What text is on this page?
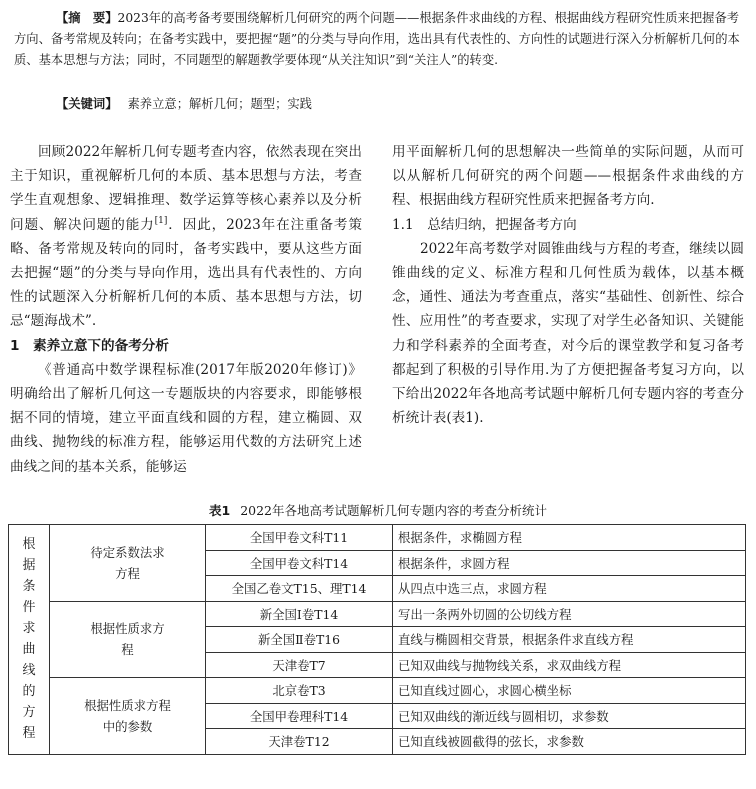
【摘　要】2023年的高考备考要围绕解析几何研究的两个问题——根据条件求曲线的方程、根据曲线方程研究性质来把握备考方向、备考常规及转向；在备考实践中，要把握“题”的分类与导向作用，选出具有代表性的、方向性的试题进行深入分析解析几何的本质、基本思想与方法；同时，不同题型的解题教学要体现“从关注知识”到“关注人”的转变.
【关键词】 素养立意；解析几何；题型；实践

回顾2022年解析几何专题考查内容，依然表现在突出主于知识，重视解析几何的本质、基本思想与方法，考查学生直观想象、逻辑推理、数学运算等核心素养以及分析问题、解决问题的能力[1]．因此，2023年在注重备考策略、备考常规及转向的同时，备考实践中，要从这些方面去把握“题”的分类与导向作用，选出具有代表性的、方向性的试题深入分析解析几何的本质、基本思想与方法，切忌“题海战术”.

1　素养立意下的备考分析

《普通高中数学课程标准(2017年版2020年修订)》明确给出了解析几何这一专题版块的内容要求，即能够根据不同的情境，建立平面直线和圆的方程，建立椭圆、双曲线、抛物线的标准方程，能够运用代数的方法研究上述曲线之间的基本关系，能够运

用平面解析几何的思想解决一些简单的实际问题，从而可以从解析几何研究的两个问题——根据条件求曲线的方程、根据曲线方程研究性质来把握备考方向.

1.1　总结归纳，把握备考方向

2022年高考数学对圆锥曲线与方程的考查，继续以圆锥曲线的定义、标准方程和几何性质为载体，以基本概念，通性、通法为考查重点，落实“基础性、创新性、综合性、应用性”的考查要求，实现了对学生必备知识、关键能力和学科素养的全面考查，对今后的课堂教学和复习备考都起到了积极的引导作用.为了方便把握备考复习方向，以下给出2022年各地高考试题中解析几何专题内容的考查分析统计表(表1).

表1 2022年各地高考试题解析几何专题内容的考查分析统计
根据条件求曲线的方程	待定系数法求方程	全国甲卷文科T11	根据条件，求椭圆方程
		全国甲卷文科T14	根据条件，求圆方程
		全国乙卷文T15、理T14	从四点中选三点，求圆方程

	根据性质求方程	新全国Ⅰ卷T14	写出一条两外切圆的公切线方程
		新全国Ⅱ卷T16	直线与椭圆相交背景，根据条件求直线方程
		天津卷T7	已知双曲线与抛物线关系，求双曲线方程

	根据性质求方程中的参数	北京卷T3	已知直线过圆心，求圆心横坐标
		全国甲卷理科T14	已知双曲线的渐近线与圆相切，求参数
		天津卷T12	已知直线被圆截得的弦长，求参数
